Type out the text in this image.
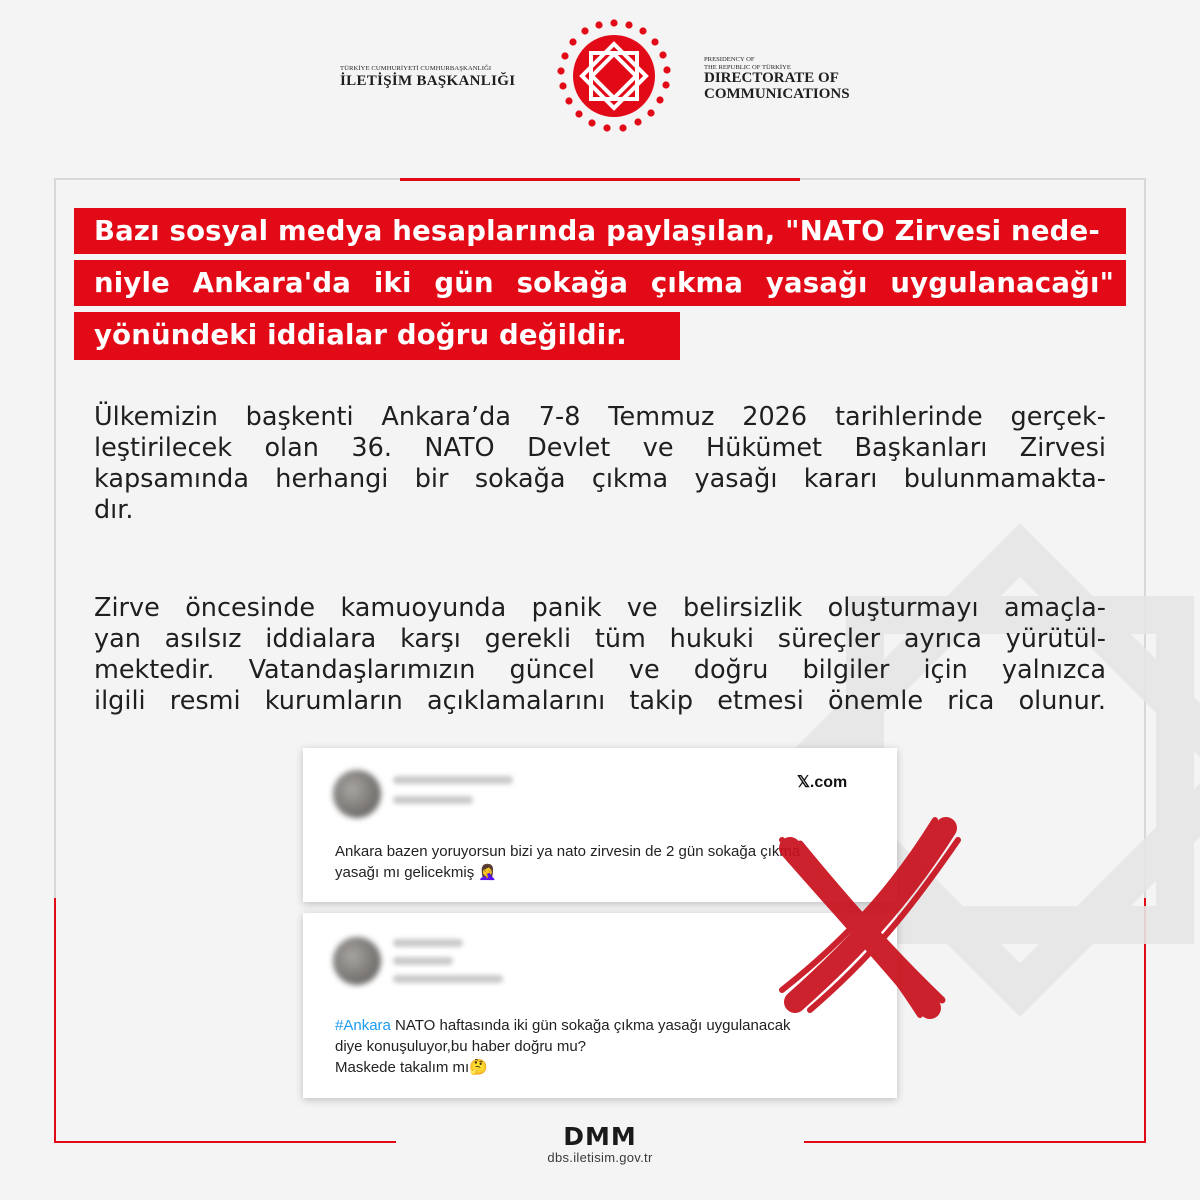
TÜRKİYE CUMHURİYETİ CUMHURBAŞKANLIĞI
İLETİŞİM BAŞKANLIĞI
PRESIDENCY OF
THE REPUBLIC OF TÜRKİYE
DIRECTORATE OF
COMMUNICATIONS
Bazı sosyal medya hesaplarında paylaşılan, "NATO Zirvesi nede-
niyle Ankara'da iki gün sokağa çıkma yasağı uygulanacağı"
yönündeki iddialar doğru değildir.
Ülkemizin başkenti Ankara’da 7-8 Temmuz 2026 tarihlerinde gerçek-
leştirilecek olan 36. NATO Devlet ve Hükümet Başkanları Zirvesi
kapsamında herhangi bir sokağa çıkma yasağı kararı bulunmamakta-
dır.
Zirve öncesinde kamuoyunda panik ve belirsizlik oluşturmayı amaçla-
yan asılsız iddialara karşı gerekli tüm hukuki süreçler ayrıca yürütül-
mektedir. Vatandaşlarımızın güncel ve doğru bilgiler için yalnızca
ilgili resmi kurumların açıklamalarını takip etmesi önemle rica olunur.
𝕏.com
Ankara bazen yoruyorsun bizi ya nato zirvesin de 2 gün sokağa çıkma
yasağı mı gelicekmiş 🤦‍♀️
#Ankara NATO haftasında iki gün sokağa çıkma yasağı uygulanacak
diye konuşuluyor,bu haber doğru mu?
Maskede takalım mı🤔
DMM
dbs.iletisim.gov.tr
